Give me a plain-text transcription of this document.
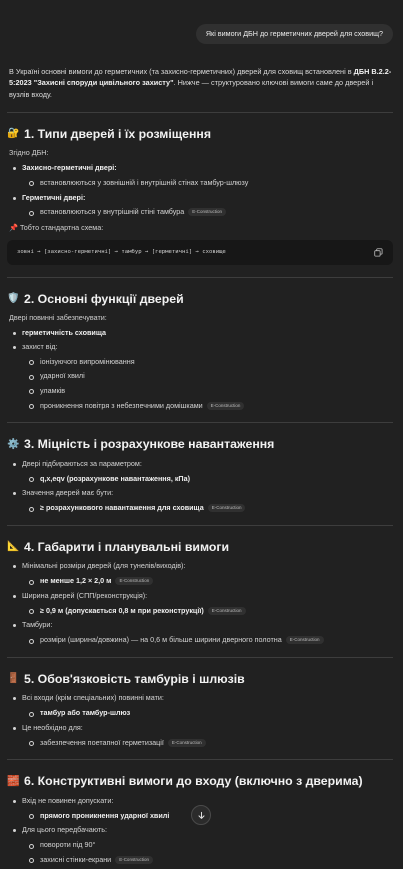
Які вимоги ДБН до герметичних дверей для сховищ?

В Україні основні вимоги до герметичних (та захисно-герметичних) дверей для сховищ встановлені в ДБН В.2.2-5:2023 "Захисні споруди цивільного захисту". Нижче — структуровано ключові вимоги саме до дверей і вузлів входу.

🔐 1. Типи дверей і їх розміщення

Згідно ДБН:

Захисно-герметичні двері:
встановлюються у зовнішній і внутрішній стінах тамбур-шлюзу
Герметичні двері:
встановлюються у внутрішній стіні тамбура E-Construction
📌 Тобто стандартна схема:
зовні → [захисно-герметичні] → тамбур → [герметичні] → сховище
🛡️ 2. Основні функції дверей

Двері повинні забезпечувати:

герметичність сховища
захист від:
іонізуючого випромінювання
ударної хвилі
уламків
проникнення повітря з небезпечними домішками E-Construction
⚙️ 3. Міцність і розрахункове навантаження
Двері підбираються за параметром:
q,x,eqv (розрахункове навантаження, кПа)
Значення дверей має бути:
≥ розрахункового навантаження для сховища E-Construction
📐 4. Габарити і планувальні вимоги
Мінімальні розміри дверей (для тунелів/виходів):
не менше 1,2 × 2,0 м E-Construction
Ширина дверей (СПП/реконструкція):
≥ 0,9 м (допускається 0,8 м при реконструкції) E-Construction
Тамбури:
розміри (ширина/довжина) — на 0,6 м більше ширини дверного полотна E-Construction
🚪 5. Обов'язковість тамбурів і шлюзів
Всі входи (крім спеціальних) повинні мати:
тамбур або тамбур-шлюз
Це необхідно для:
забезпечення поетапної герметизації E-Construction
🧱 6. Конструктивні вимоги до входу (включно з дверима)
Вхід не повинен допускати:
прямого проникнення ударної хвилі
Для цього передбачають:
повороти під 90°
захисні стінки-екрани E-Construction
